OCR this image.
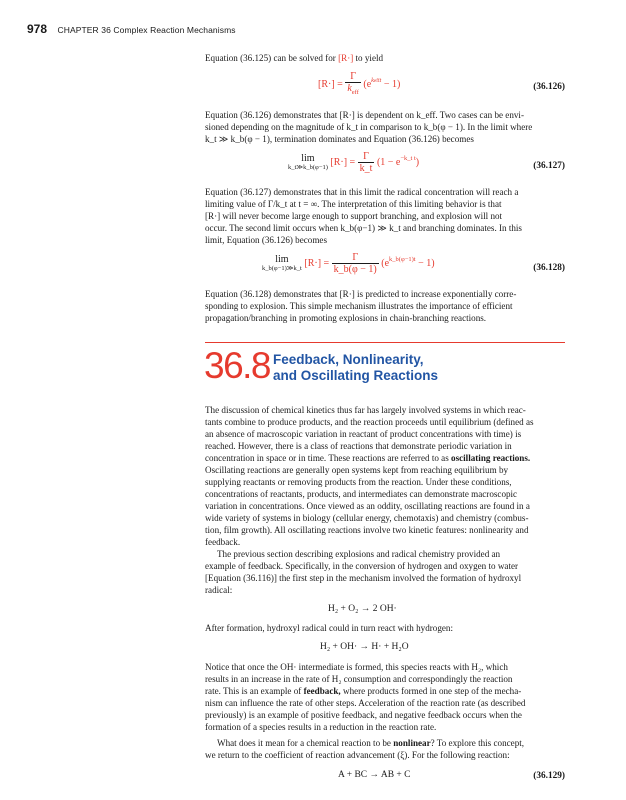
978 CHAPTER 36 Complex Reaction Mechanisms
Equation (36.125) can be solved for [R·] to yield
$[R\cdot] = \frac{\Gamma}{k_{eff}} (e^{kefft} - 1)$	(36.126)
Equation (36.126) demonstrates that [R·] is dependent on k_eff. Two cases can be envi-
sioned depending on the magnitude of k_t in comparison to k_b(φ − 1). In the limit where
k_t ≫ k_b(φ − 1), termination dominates and Equation (36.126) becomes
lim
k_t≫k_b(φ−1) $[R\cdot] = \frac{\Gamma}{k\_t} (1 - e^{-k\_t t})$	(36.127)
Equation (36.127) demonstrates that in this limit the radical concentration will reach a
limiting value of Γ/k_t at t = ∞. The interpretation of this limiting behavior is that
[R·] will never become large enough to support branching, and explosion will not
occur. The second limit occurs when k_b(φ−1) ≫ k_t and branching dominates. In this
limit, Equation (36.126) becomes
lim
k_b(φ−1)≫k_t $[R\cdot] = \frac{\Gamma}{k\_b(\varphi - 1)} (e^{k\_b(\varphi-1)t} - 1)$	(36.128)
Equation (36.128) demonstrates that [R·] is predicted to increase exponentially corre-
sponding to explosion. This simple mechanism illustrates the importance of efficient
propagation/branching in promoting explosions in chain-branching reactions.
36.8 Feedback, Nonlinearity,
and Oscillating Reactions
The discussion of chemical kinetics thus far has largely involved systems in which reac-
tants combine to produce products, and the reaction proceeds until equilibrium (defined as
an absence of macroscopic variation in reactant of product concentrations with time) is
reached. However, there is a class of reactions that demonstrate periodic variation in
concentration in space or in time. These reactions are referred to as oscillating reactions.
Oscillating reactions are generally open systems kept from reaching equilibrium by
supplying reactants or removing products from the reaction. Under these conditions,
concentrations of reactants, products, and intermediates can demonstrate macroscopic
variation in concentrations. Once viewed as an oddity, oscillating reactions are found in a
wide variety of systems in biology (cellular energy, chemotaxis) and chemistry (combus-
tion, film growth). All oscillating reactions involve two kinetic features: nonlinearity and
feedback.
The previous section describing explosions and radical chemistry provided an
example of feedback. Specifically, in the conversion of hydrogen and oxygen to water
[Equation (36.116)] the first step in the mechanism involved the formation of hydroxyl
radical:
H₂ + O₂ → 2 OH·
After formation, hydroxyl radical could in turn react with hydrogen:
H₂ + OH· → H· + H₂O
Notice that once the OH· intermediate is formed, this species reacts with H₂, which
results in an increase in the rate of H₂ consumption and correspondingly the reaction
rate. This is an example of feedback, where products formed in one step of the mecha-
nism can influence the rate of other steps. Acceleration of the reaction rate (as described
previously) is an example of positive feedback, and negative feedback occurs when the
formation of a species results in a reduction in the reaction rate.
What does it mean for a chemical reaction to be nonlinear? To explore this concept,
we return to the coefficient of reaction advancement (ξ). For the following reaction:
A + BC → AB + C	(36.129)
